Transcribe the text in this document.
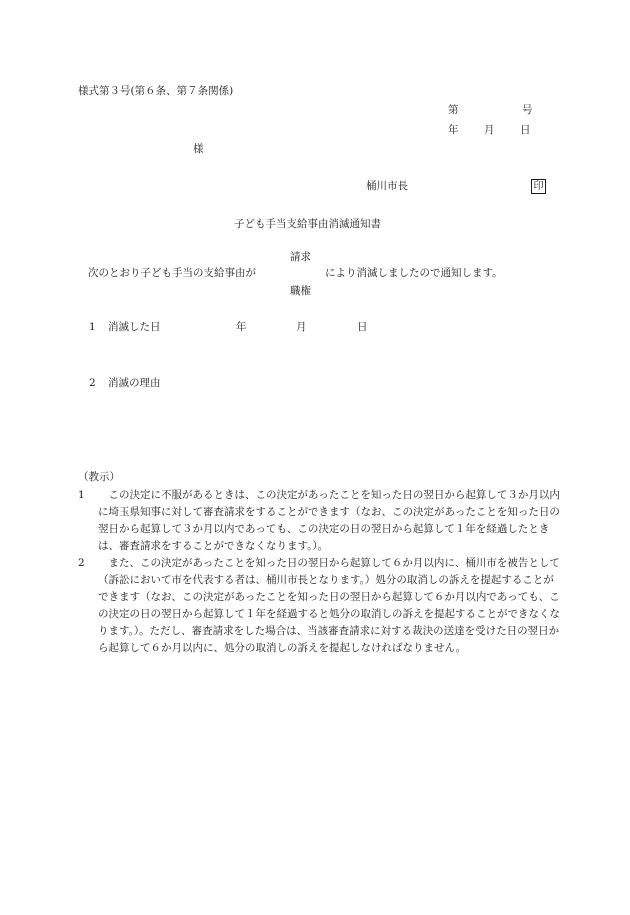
様式第３号(第６条、第７条関係)
第	号
年 月 日
様
桶川市長	印
子ども手当支給事由消滅通知書
次のとおり子ども手当の支給事由が
請求
職権
により消滅しましたので通知します。
1 消滅した日	年	月	日
2 消滅の理由
（教示）
1 　この決定に不服があるときは、この決定があったことを知った日の翌日から起算して３か月以内に埼玉県知事に対して審査請求をすることができます（なお、この決定があったことを知った日の翌日から起算して３か月以内であっても、この決定の日の翌日から起算して１年を経過したときは、審査請求をすることができなくなります。）。
2 　また、この決定があったことを知った日の翌日から起算して６か月以内に、桶川市を被告として（訴訟において市を代表する者は、桶川市長となります。）処分の取消しの訴えを提起することができます（なお、この決定があったことを知った日の翌日から起算して６か月以内であっても、この決定の日の翌日から起算して１年を経過すると処分の取消しの訴えを提起することができなくなります。）。ただし、審査請求をした場合は、当該審査請求に対する裁決の送達を受けた日の翌日から起算して６か月以内に、処分の取消しの訴えを提起しなければなりません。
